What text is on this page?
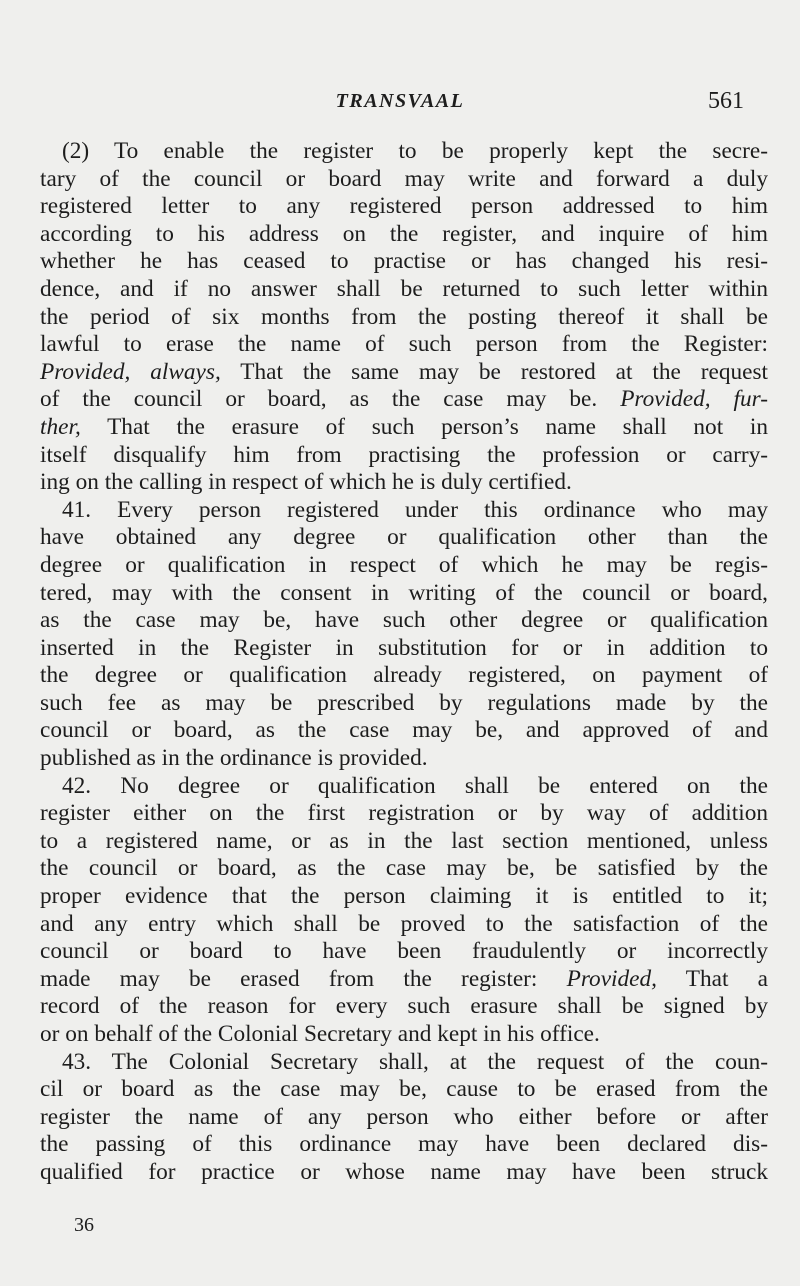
TRANSVAAL	561
(2) To enable the register to be properly kept the secre-
tary of the council or board may write and forward a duly
registered letter to any registered person addressed to him
according to his address on the register, and inquire of him
whether he has ceased to practise or has changed his resi-
dence, and if no answer shall be returned to such letter within
the period of six months from the posting thereof it shall be
lawful to erase the name of such person from the Register:
Provided, always, That the same may be restored at the request
of the council or board, as the case may be. Provided, fur-
ther, That the erasure of such person’s name shall not in
itself disqualify him from practising the profession or carry-
ing on the calling in respect of which he is duly certified.
41. Every person registered under this ordinance who may
have obtained any degree or qualification other than the
degree or qualification in respect of which he may be regis-
tered, may with the consent in writing of the council or board,
as the case may be, have such other degree or qualification
inserted in the Register in substitution for or in addition to
the degree or qualification already registered, on payment of
such fee as may be prescribed by regulations made by the
council or board, as the case may be, and approved of and
published as in the ordinance is provided.
42. No degree or qualification shall be entered on the
register either on the first registration or by way of addition
to a registered name, or as in the last section mentioned, unless
the council or board, as the case may be, be satisfied by the
proper evidence that the person claiming it is entitled to it;
and any entry which shall be proved to the satisfaction of the
council or board to have been fraudulently or incorrectly
made may be erased from the register: Provided, That a
record of the reason for every such erasure shall be signed by
or on behalf of the Colonial Secretary and kept in his office.
43. The Colonial Secretary shall, at the request of the coun-
cil or board as the case may be, cause to be erased from the
register the name of any person who either before or after
the passing of this ordinance may have been declared dis-
qualified for practice or whose name may have been struck
36
